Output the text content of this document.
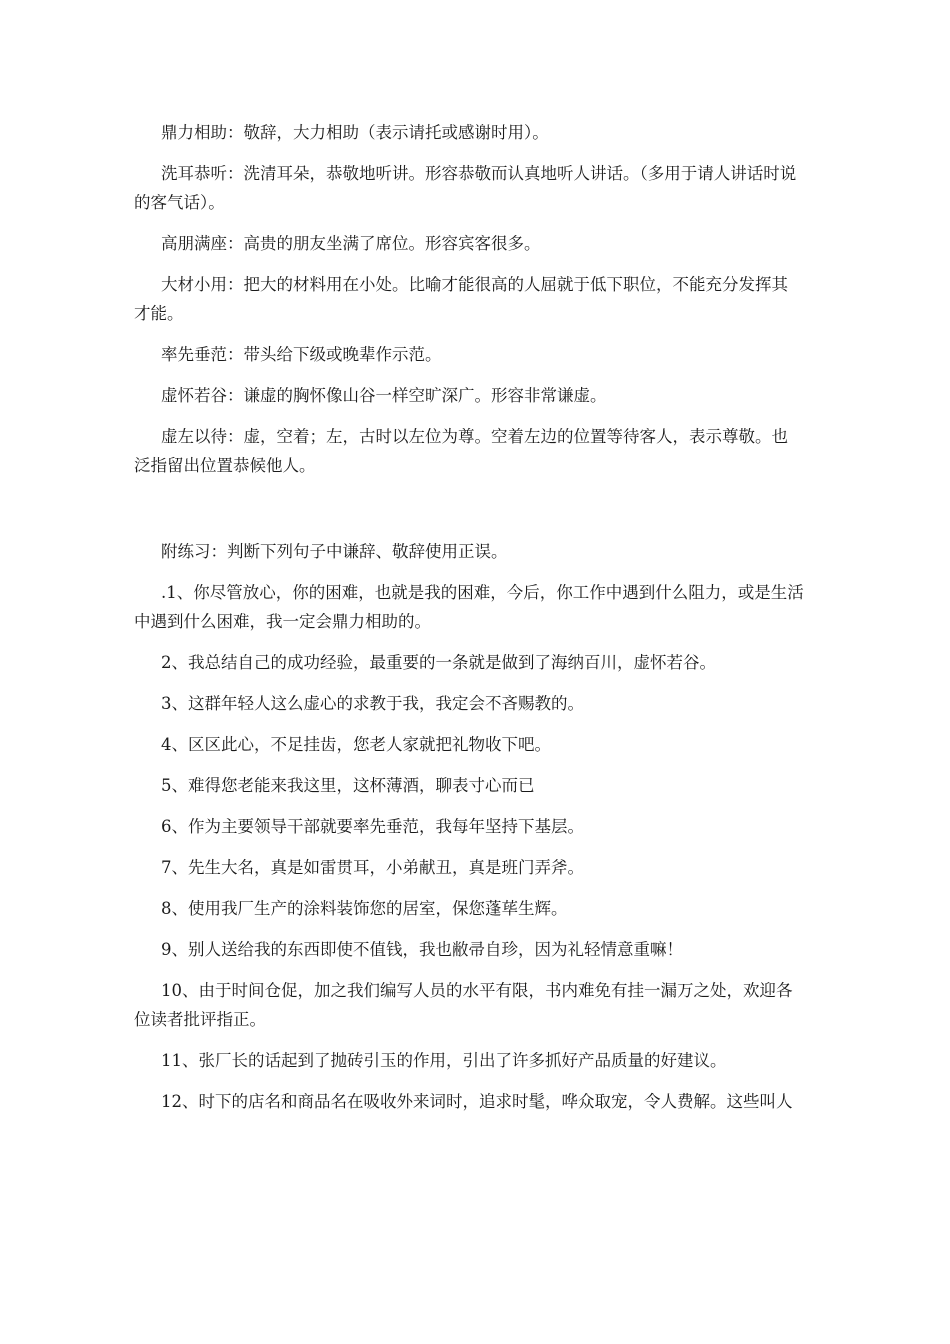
鼎力相助：敬辞，大力相助（表示请托或感谢时用）。

洗耳恭听：洗清耳朵，恭敬地听讲。形容恭敬而认真地听人讲话。（多用于请人讲话时说的客气话）。

高朋满座：高贵的朋友坐满了席位。形容宾客很多。

大材小用：把大的材料用在小处。比喻才能很高的人屈就于低下职位，不能充分发挥其才能。

率先垂范：带头给下级或晚辈作示范。

虚怀若谷：谦虚的胸怀像山谷一样空旷深广。形容非常谦虚。

虚左以待：虚，空着；左，古时以左位为尊。空着左边的位置等待客人，表示尊敬。也泛指留出位置恭候他人。

附练习：判断下列句子中谦辞、敬辞使用正误。

.1、你尽管放心，你的困难，也就是我的困难，今后，你工作中遇到什么阻力，或是生活中遇到什么困难，我一定会鼎力相助的。

2、我总结自己的成功经验，最重要的一条就是做到了海纳百川，虚怀若谷。

3、这群年轻人这么虚心的求教于我，我定会不吝赐教的。

4、区区此心，不足挂齿，您老人家就把礼物收下吧。

5、难得您老能来我这里，这杯薄酒，聊表寸心而已

6、作为主要领导干部就要率先垂范，我每年坚持下基层。

7、先生大名，真是如雷贯耳，小弟献丑，真是班门弄斧。

8、使用我厂生产的涂料装饰您的居室，保您蓬荜生辉。

9、别人送给我的东西即使不值钱，我也敝帚自珍，因为礼轻情意重嘛！

10、由于时间仓促，加之我们编写人员的水平有限，书内难免有挂一漏万之处，欢迎各位读者批评指正。

11、张厂长的话起到了抛砖引玉的作用，引出了许多抓好产品质量的好建议。

12、时下的店名和商品名在吸收外来词时，追求时髦，哗众取宠，令人费解。这些叫人
